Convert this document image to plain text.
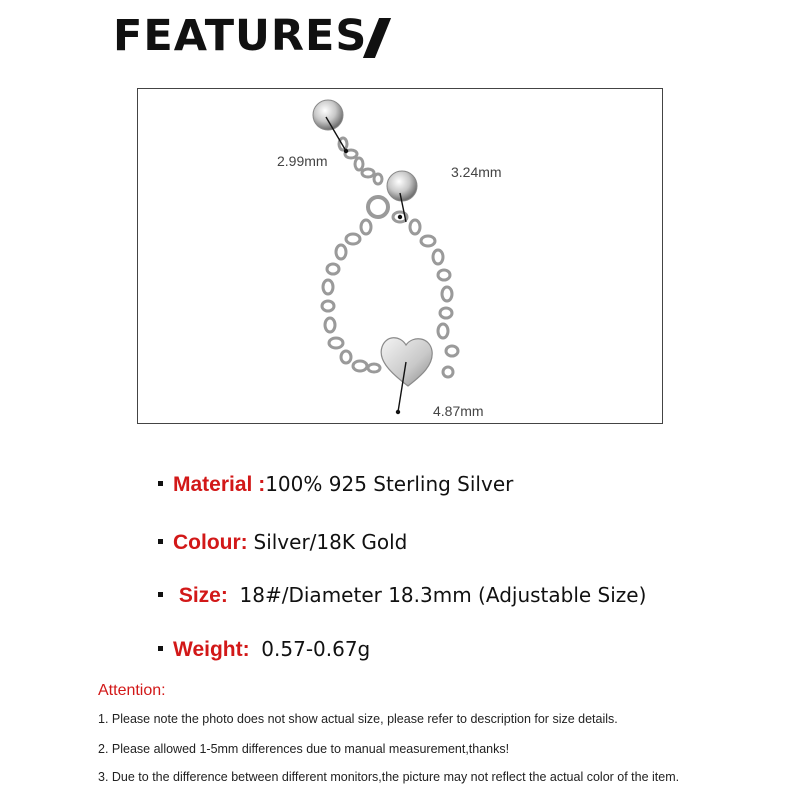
FEATURES
2.99mm
3.24mm
4.87mm
Material :100% 925 Sterling Silver
Colour: Silver/18K Gold
Size: 18#/Diameter 18.3mm (Adjustable Size)
Weight: 0.57-0.67g
Attention:
1. Please note the photo does not show actual size, please refer to description for size details.
2. Please allowed 1-5mm differences due to manual measurement,thanks!
3. Due to the difference between different monitors,the picture may not reflect the actual color of the item.
